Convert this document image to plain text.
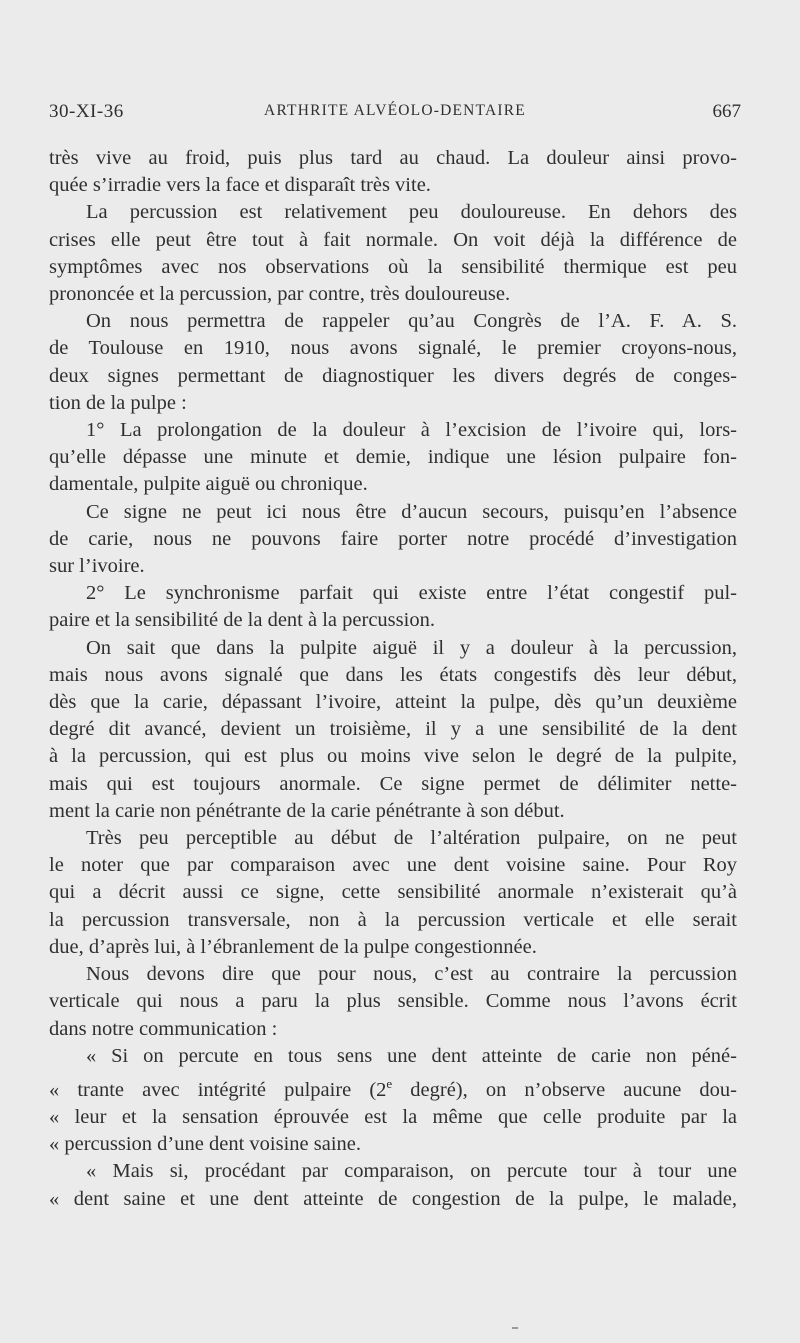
30-XI-36	ARTHRITE ALVÉOLO-DENTAIRE	667
très vive au froid, puis plus tard au chaud. La douleur ainsi provo-
quée s’irradie vers la face et disparaît très vite.
La percussion est relativement peu douloureuse. En dehors des
crises elle peut être tout à fait normale. On voit déjà la différence de
symptômes avec nos observations où la sensibilité thermique est peu
prononcée et la percussion, par contre, très douloureuse.
On nous permettra de rappeler qu’au Congrès de l’A. F. A. S.
de Toulouse en 1910, nous avons signalé, le premier croyons-nous,
deux signes permettant de diagnostiquer les divers degrés de conges-
tion de la pulpe :
1° La prolongation de la douleur à l’excision de l’ivoire qui, lors-
qu’elle dépasse une minute et demie, indique une lésion pulpaire fon-
damentale, pulpite aiguë ou chronique.
Ce signe ne peut ici nous être d’aucun secours, puisqu’en l’absence
de carie, nous ne pouvons faire porter notre procédé d’investigation
sur l’ivoire.
2° Le synchronisme parfait qui existe entre l’état congestif pul-
paire et la sensibilité de la dent à la percussion.
On sait que dans la pulpite aiguë il y a douleur à la percussion,
mais nous avons signalé que dans les états congestifs dès leur début,
dès que la carie, dépassant l’ivoire, atteint la pulpe, dès qu’un deuxième
degré dit avancé, devient un troisième, il y a une sensibilité de la dent
à la percussion, qui est plus ou moins vive selon le degré de la pulpite,
mais qui est toujours anormale. Ce signe permet de délimiter nette-
ment la carie non pénétrante de la carie pénétrante à son début.
Très peu perceptible au début de l’altération pulpaire, on ne peut
le noter que par comparaison avec une dent voisine saine. Pour Roy
qui a décrit aussi ce signe, cette sensibilité anormale n’existerait qu’à
la percussion transversale, non à la percussion verticale et elle serait
due, d’après lui, à l’ébranlement de la pulpe congestionnée.
Nous devons dire que pour nous, c’est au contraire la percussion
verticale qui nous a paru la plus sensible. Comme nous l’avons écrit
dans notre communication :
« Si on percute en tous sens une dent atteinte de carie non péné-
« trante avec intégrité pulpaire (2e degré), on n’observe aucune dou-
« leur et la sensation éprouvée est la même que celle produite par la
« percussion d’une dent voisine saine.
« Mais si, procédant par comparaison, on percute tour à tour une
« dent saine et une dent atteinte de congestion de la pulpe, le malade,
